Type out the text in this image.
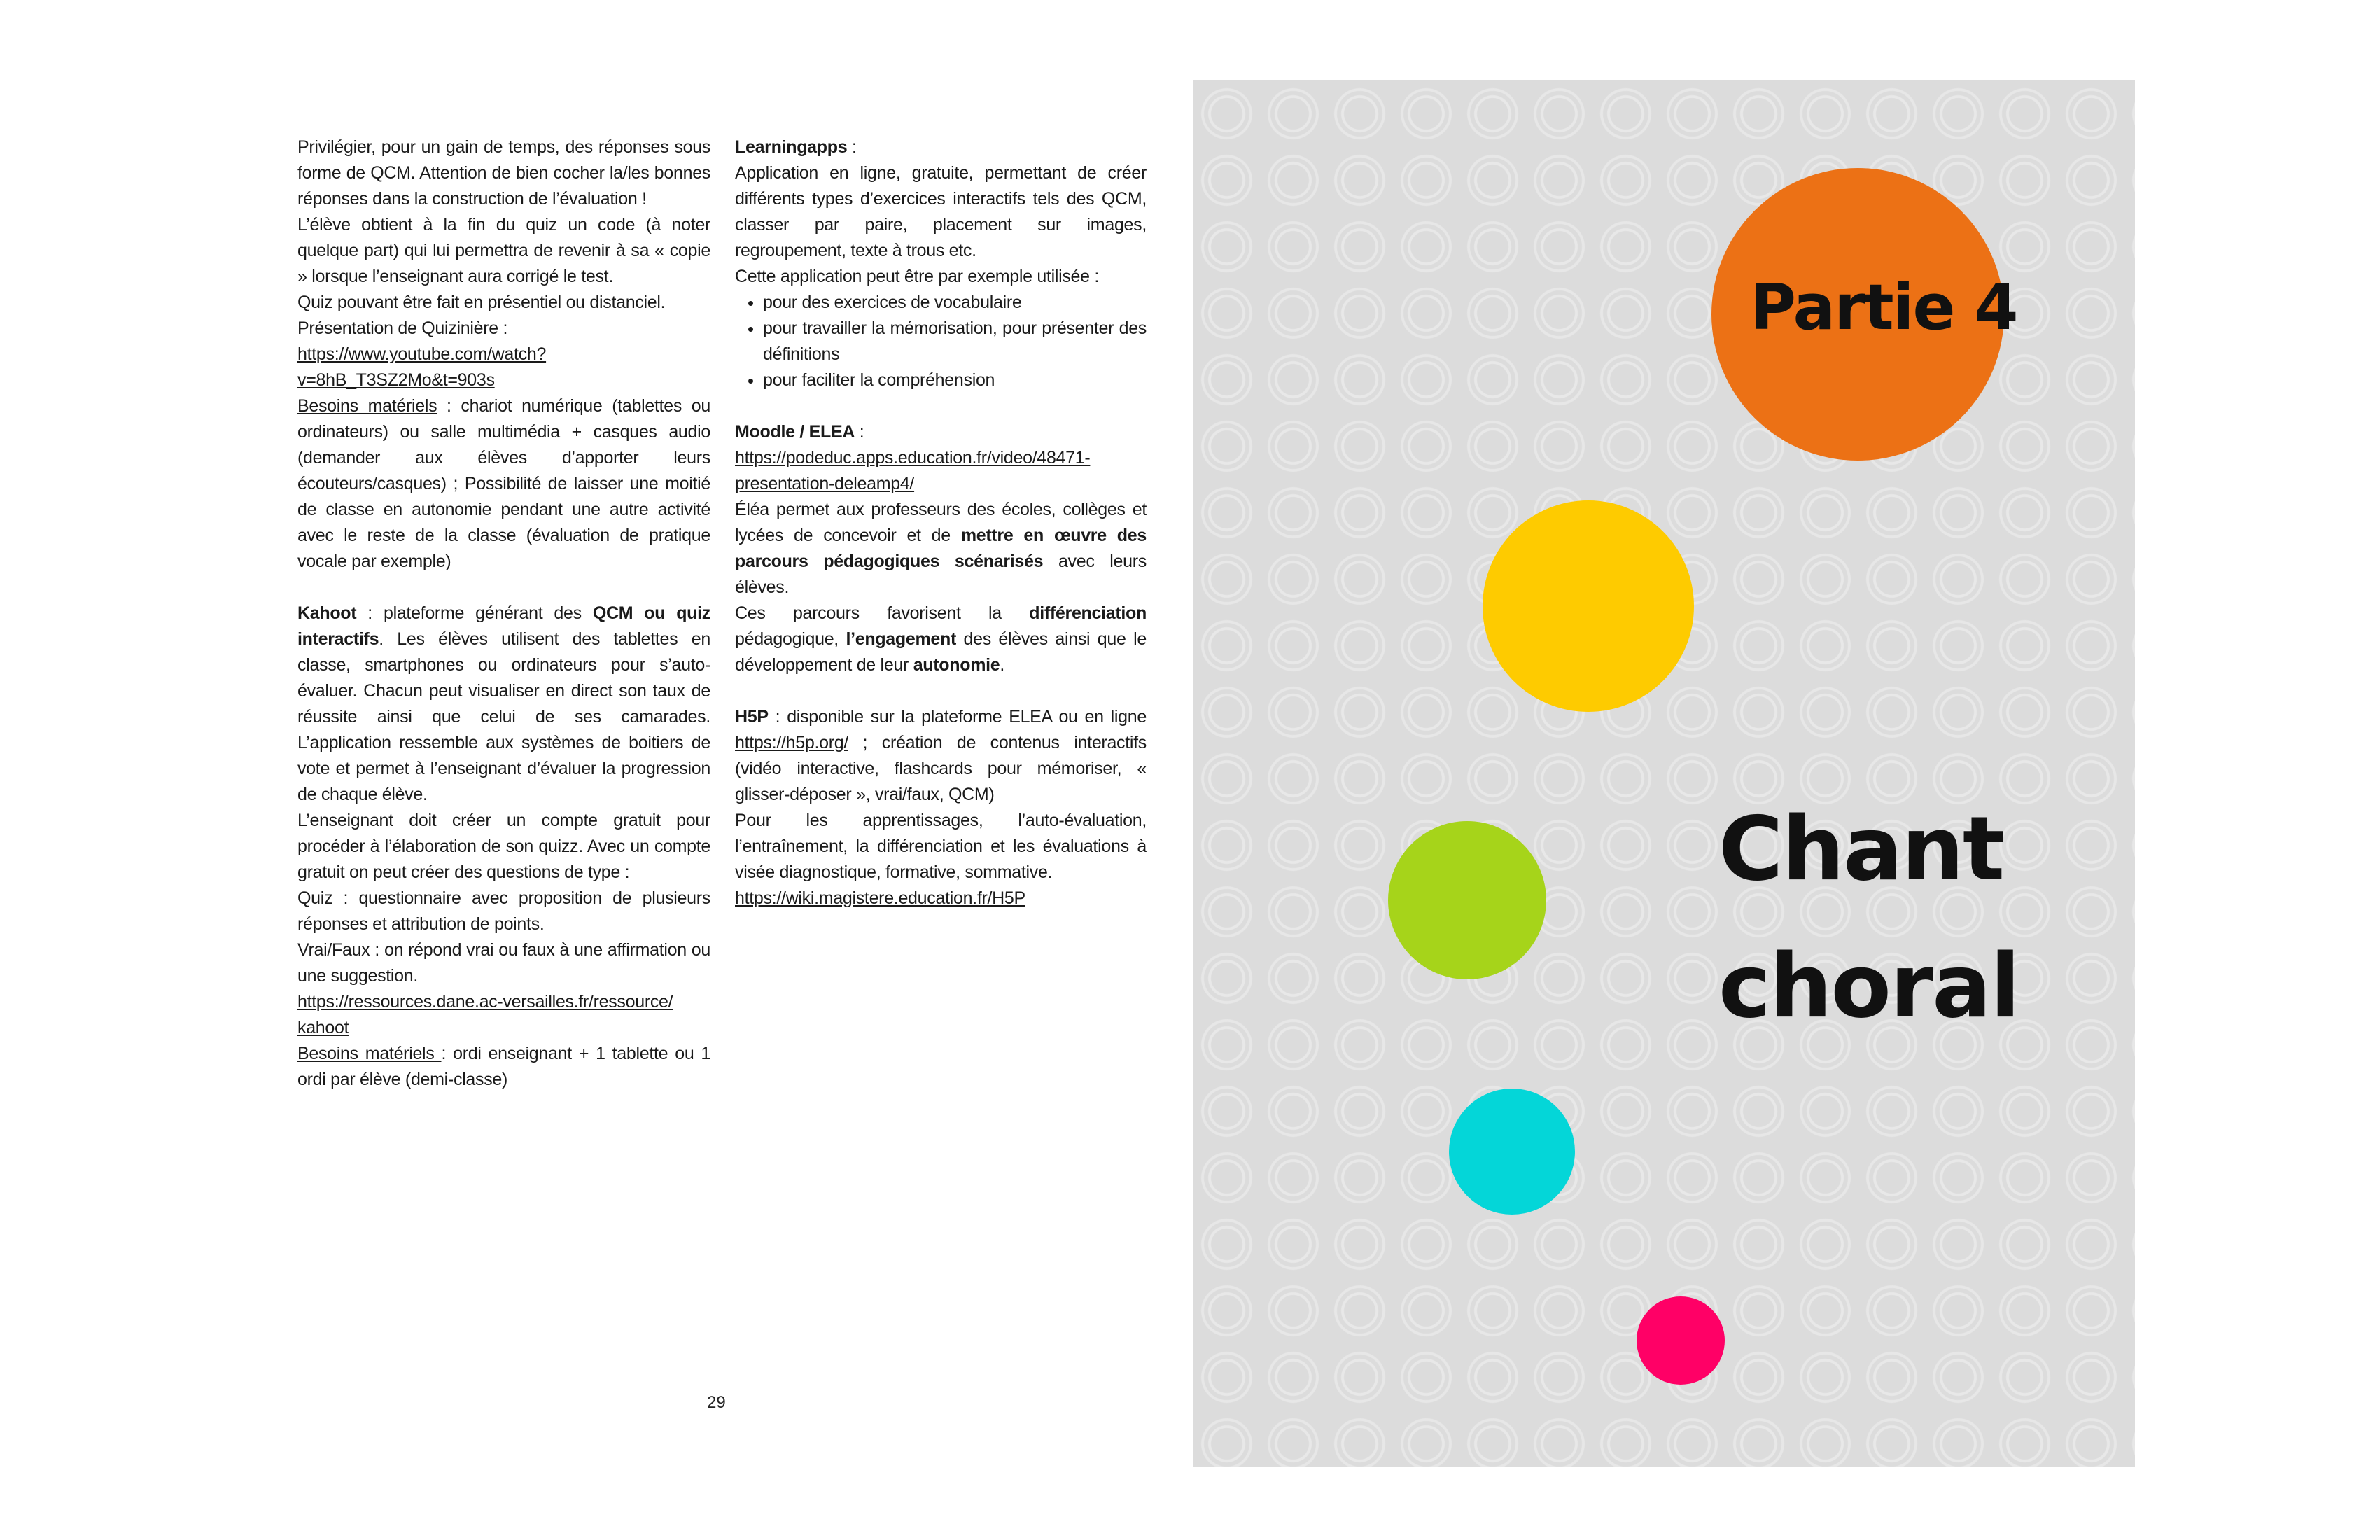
Privilégier, pour un gain de temps, des réponses sous forme de QCM. Attention de bien cocher la/les bonnes réponses dans la construction de l’évaluation !

L’élève obtient à la fin du quiz un code (à noter quelque part) qui lui permettra de revenir à sa « copie » lorsque l’enseignant aura corrigé le test.

Quiz pouvant être fait en présentiel ou distanciel.

Présentation de Quizinière :

https://www.youtube.com/watch?
v=8hB_T3SZ2Mo&t=903s

Besoins matériels : chariot numérique (tablettes ou ordinateurs) ou salle multimédia + casques audio (demander aux élèves d’apporter leurs écouteurs/casques) ; Possibilité de laisser une moitié de classe en autonomie pendant une autre activité avec le reste de la classe (évaluation de pratique vocale par exemple)

Kahoot : plateforme générant des QCM ou quiz interactifs. Les élèves utilisent des tablettes en classe, smartphones ou ordinateurs pour s’auto-évaluer. Chacun peut visualiser en direct son taux de réussite ainsi que celui de ses camarades. L’application ressemble aux systèmes de boitiers de vote et permet à l’enseignant d’évaluer la progression de chaque élève.

L’enseignant doit créer un compte gratuit pour procéder à l’élaboration de son quizz. Avec un compte gratuit on peut créer des questions de type :

Quiz : questionnaire avec proposition de plusieurs réponses et attribution de points.

Vrai/Faux : on répond vrai ou faux à une affirmation ou une suggestion.

https://ressources.dane.ac-versailles.fr/ressource/
kahoot

Besoins matériels : ordi enseignant + 1 tablette ou 1 ordi par élève (demi-classe)

Learningapps :

Application en ligne, gratuite, permettant de créer différents types d’exercices interactifs tels des QCM, classer par paire, placement sur images, regroupement, texte à trous etc.

Cette application peut être par exemple utilisée :

• pour des exercices de vocabulaire
• pour travailler la mémorisation, pour présenter des définitions
• pour faciliter la compréhension

Moodle / ELEA :

https://podeduc.apps.education.fr/video/48471-
presentation-deleamp4/

Éléa permet aux professeurs des écoles, collèges et lycées de concevoir et de mettre en œuvre des parcours pédagogiques scénarisés avec leurs élèves.

Ces parcours favorisent la différenciation pédagogique, l’engagement des élèves ainsi que le développement de leur autonomie.

H5P : disponible sur la plateforme ELEA ou en ligne https://h5p.org/ ; création de contenus interactifs (vidéo interactive, flashcards pour mémoriser, « glisser-déposer », vrai/faux, QCM)

Pour les apprentissages, l’auto-évaluation, l’entraînement, la différenciation et les évaluations à visée diagnostique, formative, sommative.

https://wiki.magistere.education.fr/H5P

29
Partie 4
Chant
choral
